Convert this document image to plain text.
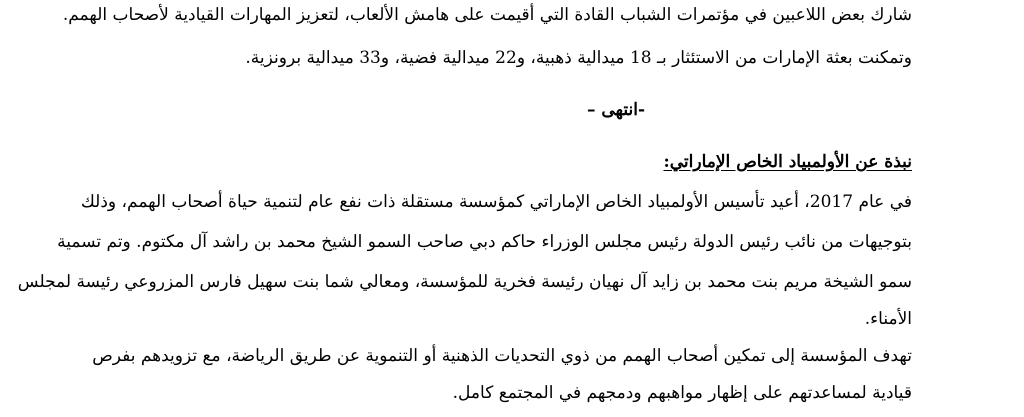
شارك بعض اللاعبين في مؤتمرات الشباب القادة التي أقيمت على هامش الألعاب، لتعزيز المهارات القيادية لأصحاب الهمم.
وتمكنت بعثة الإمارات من الاستئثار بـ 18 ميدالية ذهبية، و22 ميدالية فضية، و33 ميدالية برونزية.
-انتهى –
نبذة عن الأولمبياد الخاص الإماراتي:
في عام 2017، أعيد تأسيس الأولمبياد الخاص الإماراتي كمؤسسة مستقلة ذات نفع عام لتنمية حياة أصحاب الهمم، وذلك
بتوجيهات من نائب رئيس الدولة رئيس مجلس الوزراء حاكم دبي صاحب السمو الشيخ محمد بن راشد آل مكتوم. وتم تسمية
سمو الشيخة مريم بنت محمد بن زايد آل نهيان رئيسة فخرية للمؤسسة، ومعالي شما بنت سهيل فارس المزروعي رئيسة لمجلس
الأمناء.
تهدف المؤسسة إلى تمكين أصحاب الهمم من ذوي التحديات الذهنية أو التنموية عن طريق الرياضة، مع تزويدهم بفرص
قيادية لمساعدتهم على إظهار مواهبهم ودمجهم في المجتمع كامل.
